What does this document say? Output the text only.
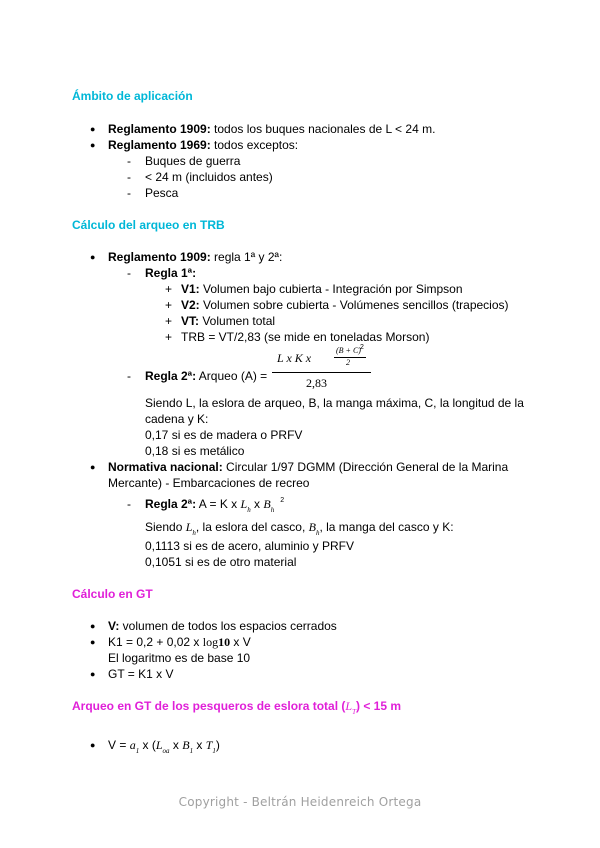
Ámbito de aplicación
● Reglamento 1909: todos los buques nacionales de L < 24 m.
● Reglamento 1969: todos exceptos:
- Buques de guerra
- < 24 m (incluidos antes)
- Pesca
Cálculo del arqueo en TRB
● Reglamento 1909: regla 1ª y 2ª:
- Regla 1ª:
+ V1: Volumen bajo cubierta - Integración por Simpson
+ V2: Volumen sobre cubierta - Volúmenes sencillos (trapecios)
+ VT: Volumen total
+ TRB = VT/2,83 (se mide en toneladas Morson)
- Regla 2ª: Arqueo (A) =
L x K x
(B + C)
2
2
2,83
Siendo L, la eslora de arqueo, B, la manga máxima, C, la longitud de la
cadena y K:
0,17 si es de madera o PRFV
0,18 si es metálico
● Normativa nacional: Circular 1/97 DGMM (Dirección General de la Marina
Mercante) - Embarcaciones de recreo
- Regla 2ª: A = K x $L_h$ x $B_h^2$
Siendo $L_h$, la eslora del casco, $B_h$, la manga del casco y K:
0,1113 si es de acero, aluminio y PRFV
0,1051 si es de otro material
Cálculo en GT
● V: volumen de todos los espacios cerrados
● K1 = 0,2 + 0,02 x log10 x V
El logaritmo es de base 10
● GT = K1 x V
Arqueo en GT de los pesqueros de eslora total $(L_T) < 15$ m
● $V = a_1$ x ($L_{oa}$ x $B_1$ x $T_1$)
Copyright - Beltrán Heidenreich Ortega
